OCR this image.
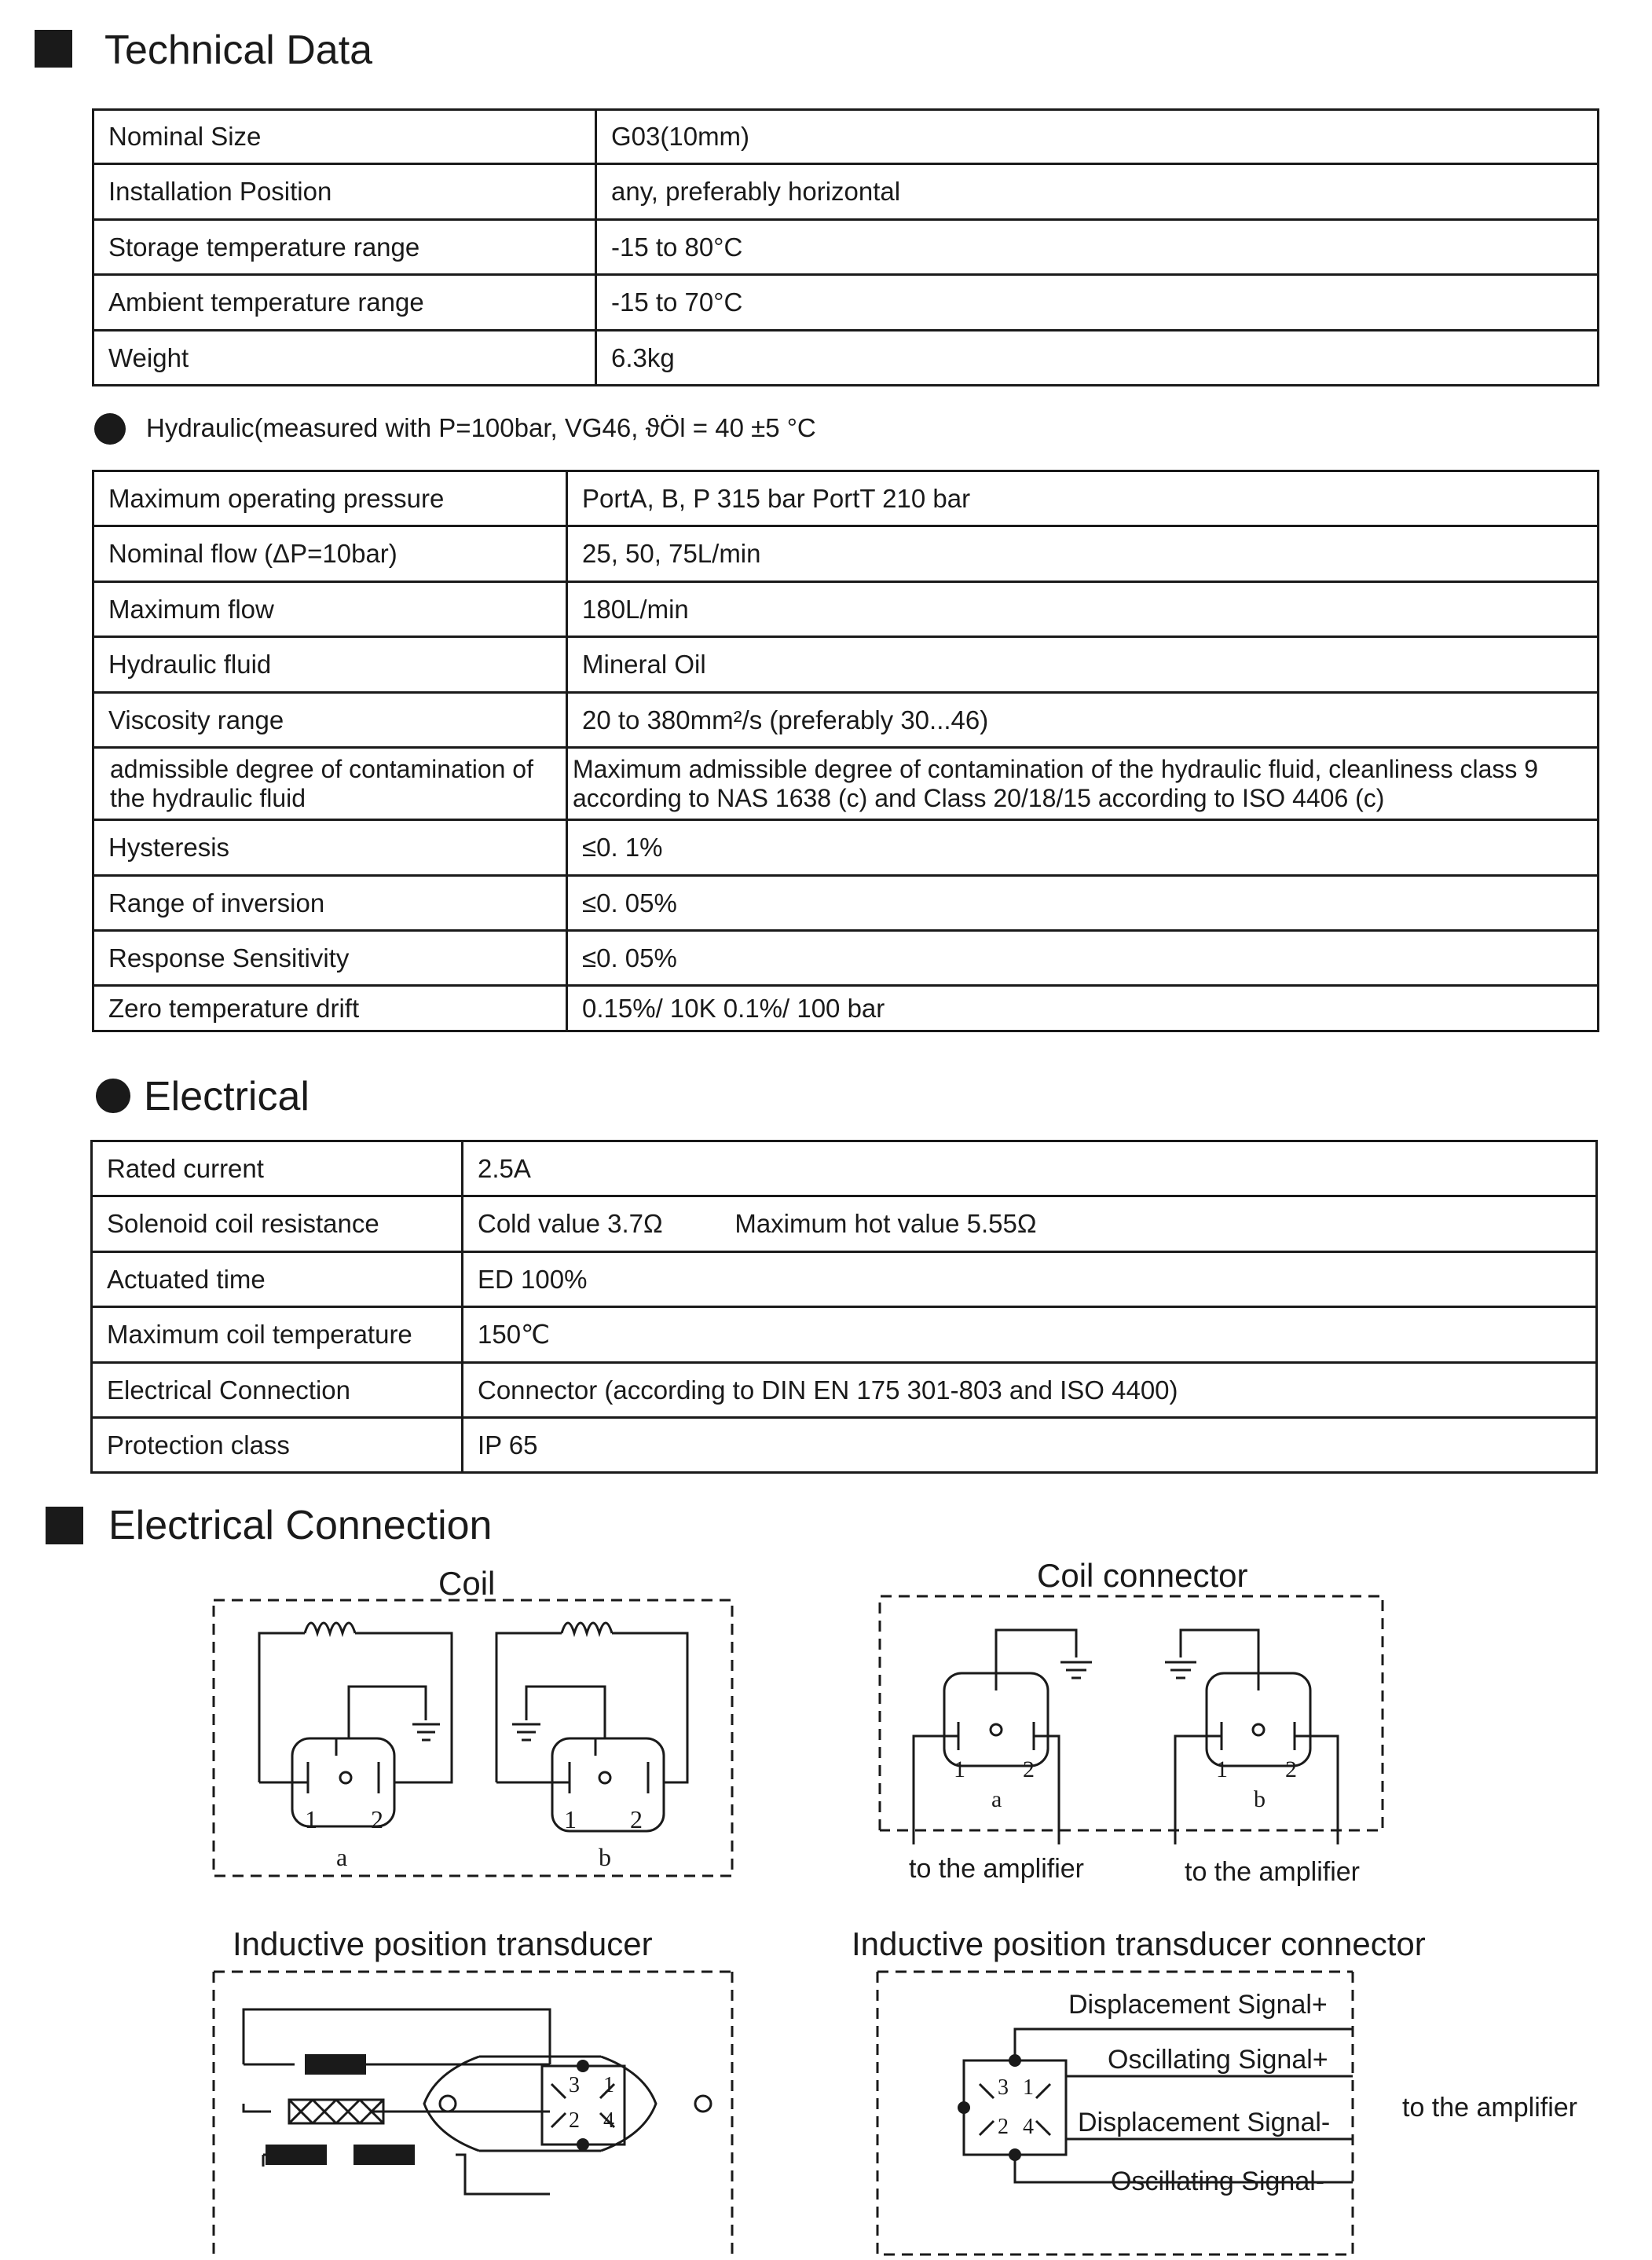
Technical Data
Nominal Size	G03(10mm)
Installation Position	any, preferably horizontal
Storage temperature range	-15 to 80°C
Ambient temperature range	-15 to 70°C
Weight	6.3kg
Hydraulic(measured with P=100bar, VG46, ϑÖl = 40 ±5 °C
Maximum operating pressure	PortA, B, P 315 bar PortT 210 bar
Nominal flow (ΔP=10bar)	25, 50, 75L/min
Maximum flow	180L/min
Hydraulic fluid	Mineral Oil
Viscosity range	20 to 380mm²/s (preferably 30...46)
admissible degree of contamination of the hydraulic fluid	Maximum admissible degree of contamination of the hydraulic fluid, cleanliness class 9 according to NAS 1638 (c) and Class 20/18/15 according to ISO 4406 (c)
Hysteresis	≤0. 1%
Range of inversion	≤0. 05%
Response Sensitivity	≤0. 05%
Zero temperature drift	0.15%/ 10K 0.1%/ 100 bar
Electrical
Rated current	2.5A
Solenoid coil resistance	Cold value 3.7Ω          Maximum hot value 5.55Ω
Actuated time	ED 100%
Maximum coil temperature	150℃
Electrical Connection	Connector (according to DIN EN 175 301-803 and ISO 4400)
Protection class	IP 65
Electrical Connection
Coil	Coil connector
Inductive position transducer	Inductive position transducer connector
1 2
a
1 2
b
1 2
a
1 2
b
to the amplifier	to the amplifier
3 1
2 4
3 1
2 4
Displacement Signal+
Oscillating Signal+
Displacement Signal-
Oscillating Signal-
to the amplifier
